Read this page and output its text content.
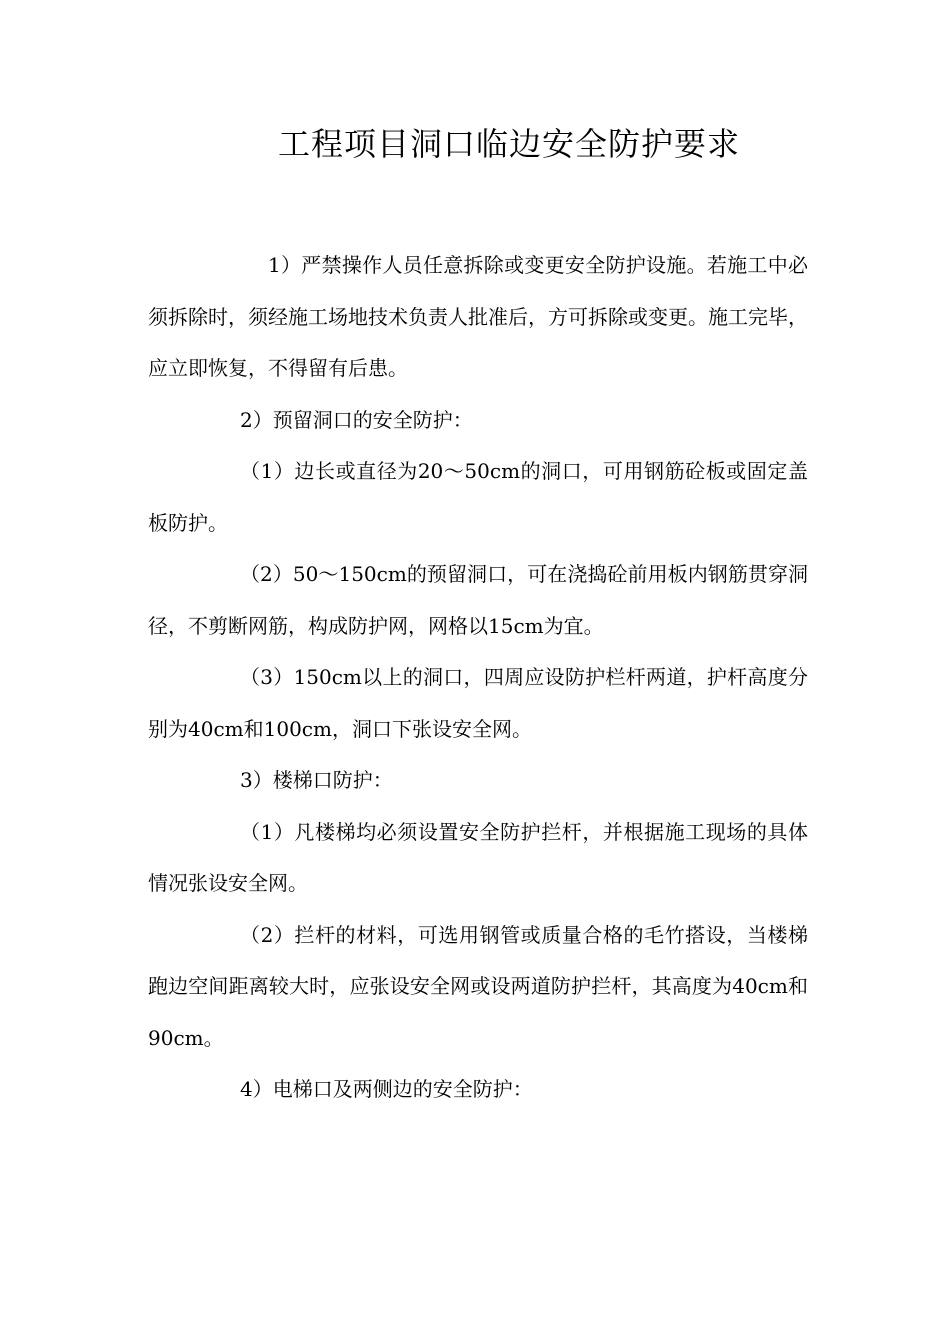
工程项目洞口临边安全防护要求

1）严禁操作人员任意拆除或变更安全防护设施。若施工中必须拆除时，须经施工场地技术负责人批准后，方可拆除或变更。施工完毕，应立即恢复，不得留有后患。

2）预留洞口的安全防护：

（1）边长或直径为20～50cm的洞口，可用钢筋砼板或固定盖板防护。

（2）50～150cm的预留洞口，可在浇捣砼前用板内钢筋贯穿洞径，不剪断网筋，构成防护网，网格以15cm为宜。

（3）150cm以上的洞口，四周应设防护栏杆两道，护杆高度分别为40cm和100cm，洞口下张设安全网。

3）楼梯口防护：

（1）凡楼梯均必须设置安全防护拦杆，并根据施工现场的具体情况张设安全网。

（2）拦杆的材料，可选用钢管或质量合格的毛竹搭设，当楼梯跑边空间距离较大时，应张设安全网或设两道防护拦杆，其高度为40cm和90cm。

4）电梯口及两侧边的安全防护：
